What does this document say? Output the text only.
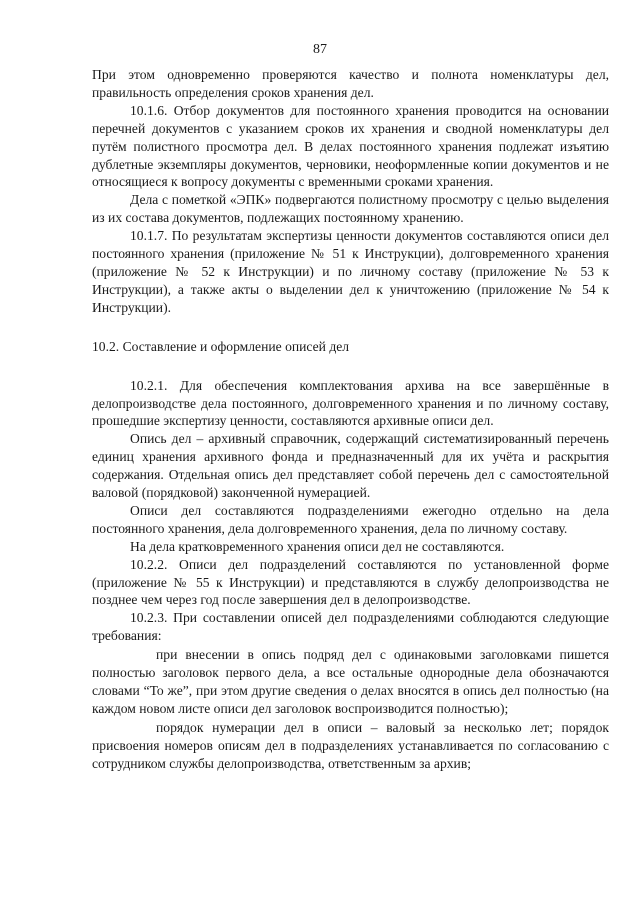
87

При этом одновременно проверяются качество и полнота номенклатуры дел, правильность определения сроков хранения дел.

10.1.6. Отбор документов для постоянного хранения проводится на основании перечней документов с указанием сроков их хранения и сводной номенклатуры дел путём полистного просмотра дел. В делах постоянного хранения подлежат изъятию дублетные экземпляры документов, черновики, неоформленные копии документов и не относящиеся к вопросу документы с временными сроками хранения.

Дела с пометкой «ЭПК» подвергаются полистному просмотру с целью выделения из их состава документов, подлежащих постоянному хранению.

10.1.7. По результатам экспертизы ценности документов составляются описи дел постоянного хранения (приложение № 51 к Инструкции), долговременного хранения (приложение № 52 к Инструкции) и по личному составу (приложение № 53 к Инструкции), а также акты о выделении дел к уничтожению (приложение № 54 к Инструкции).

10.2. Составление и оформление описей дел

10.2.1. Для обеспечения комплектования архива на все завершённые в делопроизводстве дела постоянного, долговременного хранения и по личному составу, прошедшие экспертизу ценности, составляются архивные описи дел.

Опись дел – архивный справочник, содержащий систематизированный перечень единиц хранения архивного фонда и предназначенный для их учёта и раскрытия содержания. Отдельная опись дел представляет собой перечень дел с самостоятельной валовой (порядковой) законченной нумерацией.

Описи дел составляются подразделениями ежегодно отдельно на дела постоянного хранения, дела долговременного хранения, дела по личному составу.

На дела кратковременного хранения описи дел не составляются.

10.2.2. Описи дел подразделений составляются по установленной форме (приложение № 55 к Инструкции) и представляются в службу делопроизводства не позднее чем через год после завершения дел в делопроизводстве.

10.2.3. При составлении описей дел подразделениями соблюдаются следующие требования:

при внесении в опись подряд дел с одинаковыми заголовками пишется полностью заголовок первого дела, а все остальные однородные дела обозначаются словами “То же”, при этом другие сведения о делах вносятся в опись дел полностью (на каждом новом листе описи дел заголовок воспроизводится полностью);

порядок нумерации дел в описи – валовый за несколько лет; порядок присвоения номеров описям дел в подразделениях устанавливается по согласованию с сотрудником службы делопроизводства, ответственным за архив;
